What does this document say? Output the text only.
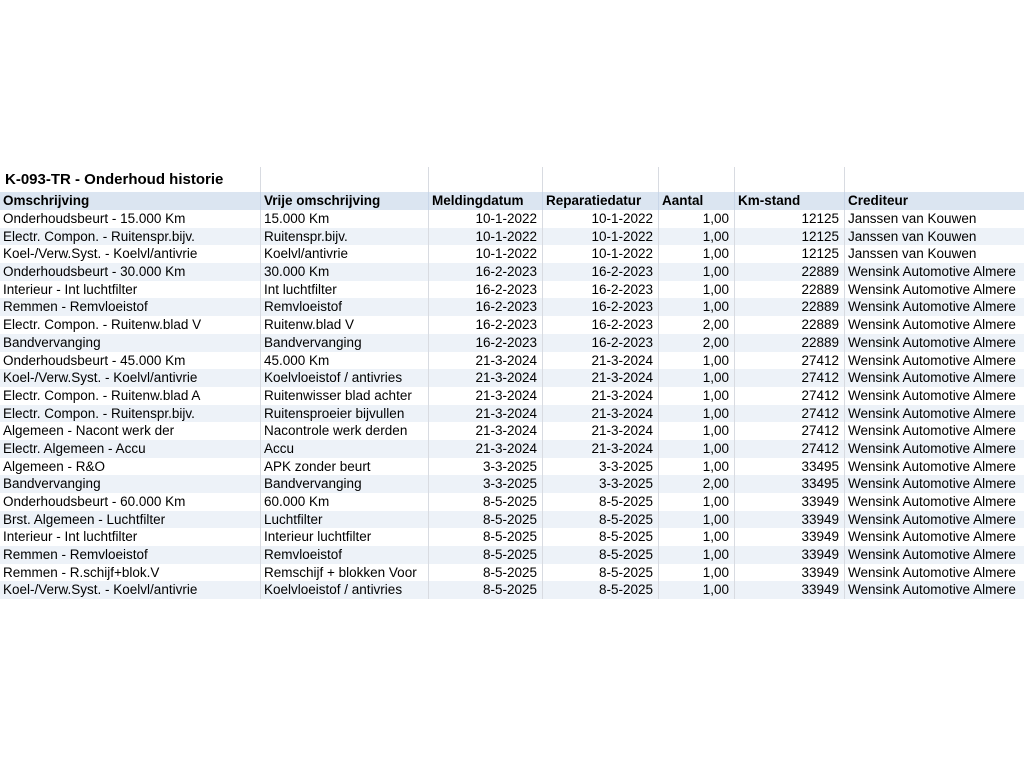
K-093-TR - Onderhoud historie
Omschrijving	Vrije omschrijving	Meldingdatum	Reparatiedatur	Aantal	Km-stand	Crediteur
Onderhoudsbeurt - 15.000 Km	15.000 Km	10-1-2022	10-1-2022	1,00	12125 Janssen van Kouwen
Electr. Compon. - Ruitenspr.bijv.	Ruitenspr.bijv.	10-1-2022	10-1-2022	1,00	12125 Janssen van Kouwen
Koel-/Verw.Syst. - Koelvl/antivrie	Koelvl/antivrie	10-1-2022	10-1-2022	1,00	12125 Janssen van Kouwen
Onderhoudsbeurt - 30.000 Km	30.000 Km	16-2-2023	16-2-2023	1,00	22889 Wensink Automotive Almere
Interieur - Int luchtfilter	Int luchtfilter	16-2-2023	16-2-2023	1,00	22889 Wensink Automotive Almere
Remmen - Remvloeistof	Remvloeistof	16-2-2023	16-2-2023	1,00	22889 Wensink Automotive Almere
Electr. Compon. - Ruitenw.blad V	Ruitenw.blad V	16-2-2023	16-2-2023	2,00	22889 Wensink Automotive Almere
Bandvervanging	Bandvervanging	16-2-2023	16-2-2023	2,00	22889 Wensink Automotive Almere
Onderhoudsbeurt - 45.000 Km	45.000 Km	21-3-2024	21-3-2024	1,00	27412 Wensink Automotive Almere
Koel-/Verw.Syst. - Koelvl/antivrie	Koelvloeistof / antivries	21-3-2024	21-3-2024	1,00	27412 Wensink Automotive Almere
Electr. Compon. - Ruitenw.blad A	Ruitenwisser blad achter	21-3-2024	21-3-2024	1,00	27412 Wensink Automotive Almere
Electr. Compon. - Ruitenspr.bijv.	Ruitensproeier bijvullen	21-3-2024	21-3-2024	1,00	27412 Wensink Automotive Almere
Algemeen - Nacont werk der	Nacontrole werk derden	21-3-2024	21-3-2024	1,00	27412 Wensink Automotive Almere
Electr. Algemeen - Accu	Accu	21-3-2024	21-3-2024	1,00	27412 Wensink Automotive Almere
Algemeen - R&O	APK zonder beurt	3-3-2025	3-3-2025	1,00	33495 Wensink Automotive Almere
Bandvervanging	Bandvervanging	3-3-2025	3-3-2025	2,00	33495 Wensink Automotive Almere
Onderhoudsbeurt - 60.000 Km	60.000 Km	8-5-2025	8-5-2025	1,00	33949 Wensink Automotive Almere
Brst. Algemeen - Luchtfilter	Luchtfilter	8-5-2025	8-5-2025	1,00	33949 Wensink Automotive Almere
Interieur - Int luchtfilter	Interieur luchtfilter	8-5-2025	8-5-2025	1,00	33949 Wensink Automotive Almere
Remmen - Remvloeistof	Remvloeistof	8-5-2025	8-5-2025	1,00	33949 Wensink Automotive Almere
Remmen - R.schijf+blok.V	Remschijf + blokken Voor	8-5-2025	8-5-2025	1,00	33949 Wensink Automotive Almere
Koel-/Verw.Syst. - Koelvl/antivrie	Koelvloeistof / antivries	8-5-2025	8-5-2025	1,00	33949 Wensink Automotive Almere
